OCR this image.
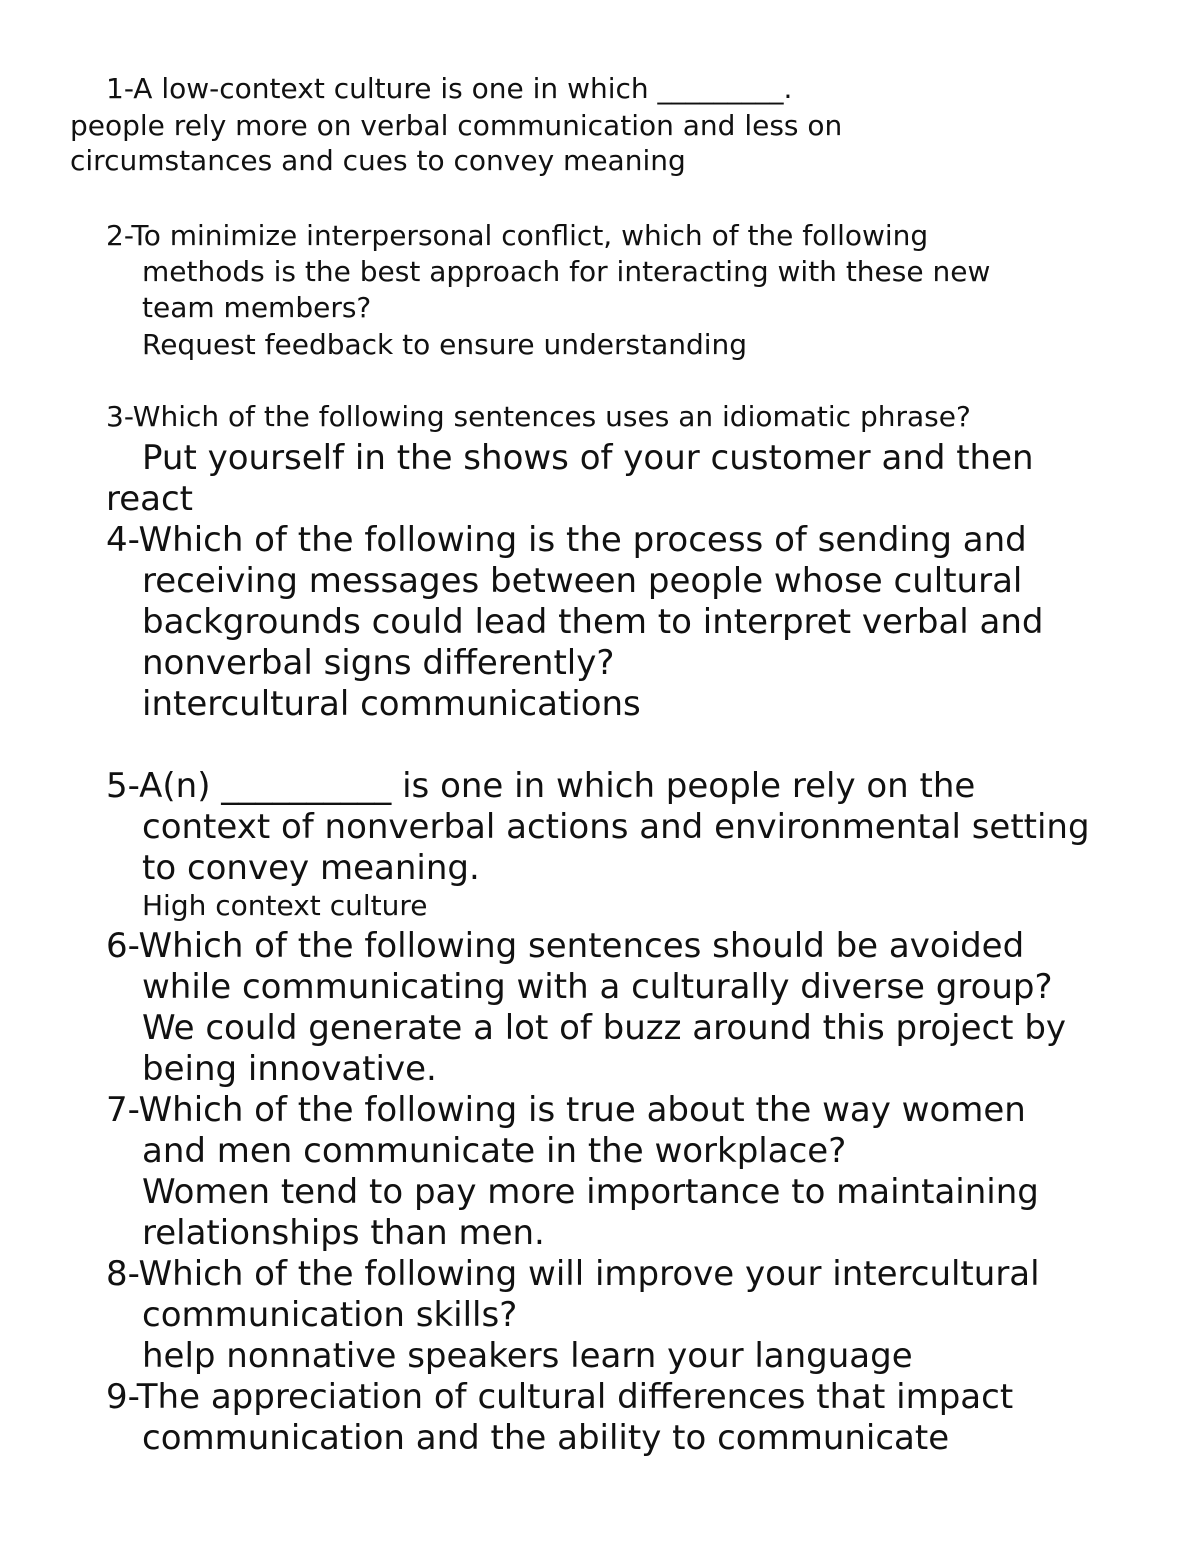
1-A low-context culture is one in which _________.
people rely more on verbal communication and less on
circumstances and cues to convey meaning
2-To minimize interpersonal conflict, which of the following
methods is the best approach for interacting with these new
team members?
Request feedback to ensure understanding
3-Which of the following sentences uses an idiomatic phrase?
Put yourself in the shows of your customer and then
react
4-Which of the following is the process of sending and
receiving messages between people whose cultural
backgrounds could lead them to interpret verbal and
nonverbal signs differently?
intercultural communications
5-A(n) __________ is one in which people rely on the
context of nonverbal actions and environmental setting
to convey meaning.
High context culture
6-Which of the following sentences should be avoided
while communicating with a culturally diverse group?
We could generate a lot of buzz around this project by
being innovative.
7-Which of the following is true about the way women
and men communicate in the workplace?
Women tend to pay more importance to maintaining
relationships than men.
8-Which of the following will improve your intercultural
communication skills?
help nonnative speakers learn your language
9-The appreciation of cultural differences that impact
communication and the ability to communicate
